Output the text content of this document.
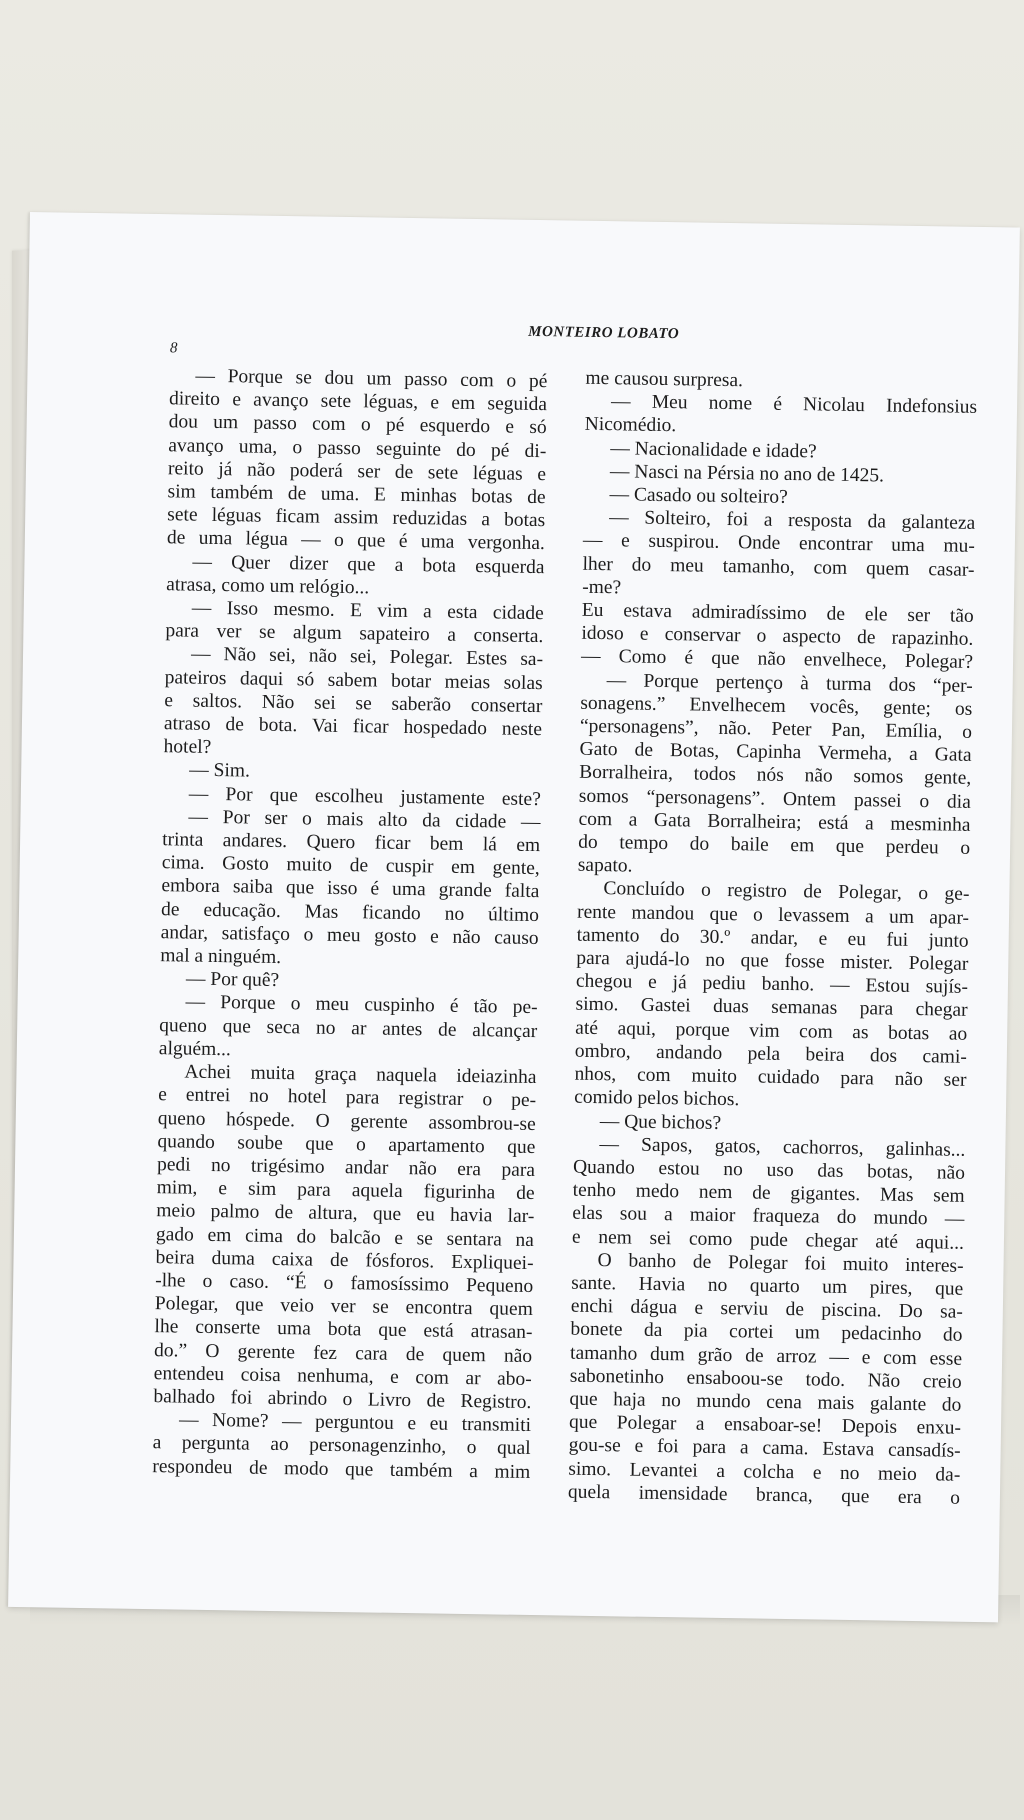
MONTEIRO LOBATO
8
— Porque se dou um passo com o pé
direito e avanço sete léguas, e em seguida
dou um passo com o pé esquerdo e só
avanço uma, o passo seguinte do pé di-
reito já não poderá ser de sete léguas e
sim também de uma. E minhas botas de
sete léguas ficam assim reduzidas a botas
de uma légua — o que é uma vergonha.
— Quer dizer que a bota esquerda
atrasa, como um relógio...
— Isso mesmo. E vim a esta cidade
para ver se algum sapateiro a conserta.
— Não sei, não sei, Polegar. Estes sa-
pateiros daqui só sabem botar meias solas
e saltos. Não sei se saberão consertar
atraso de bota. Vai ficar hospedado neste
hotel?
— Sim.
— Por que escolheu justamente este?
— Por ser o mais alto da cidade —
trinta andares. Quero ficar bem lá em
cima. Gosto muito de cuspir em gente,
embora saiba que isso é uma grande falta
de educação. Mas ficando no último
andar, satisfaço o meu gosto e não causo
mal a ninguém.
— Por quê?
— Porque o meu cuspinho é tão pe-
queno que seca no ar antes de alcançar
alguém...
Achei muita graça naquela ideiazinha
e entrei no hotel para registrar o pe-
queno hóspede. O gerente assombrou-se
quando soube que o apartamento que
pedi no trigésimo andar não era para
mim, e sim para aquela figurinha de
meio palmo de altura, que eu havia lar-
gado em cima do balcão e se sentara na
beira duma caixa de fósforos. Expliquei-
-lhe o caso. “É o famosíssimo Pequeno
Polegar, que veio ver se encontra quem
lhe conserte uma bota que está atrasan-
do.” O gerente fez cara de quem não
entendeu coisa nenhuma, e com ar abo-
balhado foi abrindo o Livro de Registro.
— Nome? — perguntou e eu transmiti
a pergunta ao personagenzinho, o qual
respondeu de modo que também a mim
me causou surpresa.
— Meu nome é Nicolau Indefonsius
Nicomédio.
— Nacionalidade e idade?
— Nasci na Pérsia no ano de 1425.
— Casado ou solteiro?
— Solteiro, foi a resposta da galanteza
— e suspirou. Onde encontrar uma mu-
lher do meu tamanho, com quem casar-
-me?
Eu estava admiradíssimo de ele ser tão
idoso e conservar o aspecto de rapazinho.
— Como é que não envelhece, Polegar?
— Porque pertenço à turma dos “per-
sonagens.” Envelhecem vocês, gente; os
“personagens”, não. Peter Pan, Emília, o
Gato de Botas, Capinha Vermeha, a Gata
Borralheira, todos nós não somos gente,
somos “personagens”. Ontem passei o dia
com a Gata Borralheira; está a mesminha
do tempo do baile em que perdeu o
sapato.
Concluído o registro de Polegar, o ge-
rente mandou que o levassem a um apar-
tamento do 30.º andar, e eu fui junto
para ajudá-lo no que fosse mister. Polegar
chegou e já pediu banho. — Estou sujís-
simo. Gastei duas semanas para chegar
até aqui, porque vim com as botas ao
ombro, andando pela beira dos cami-
nhos, com muito cuidado para não ser
comido pelos bichos.
— Que bichos?
— Sapos, gatos, cachorros, galinhas...
Quando estou no uso das botas, não
tenho medo nem de gigantes. Mas sem
elas sou a maior fraqueza do mundo —
e nem sei como pude chegar até aqui...
O banho de Polegar foi muito interes-
sante. Havia no quarto um pires, que
enchi dágua e serviu de piscina. Do sa-
bonete da pia cortei um pedacinho do
tamanho dum grão de arroz — e com esse
sabonetinho ensaboou-se todo. Não creio
que haja no mundo cena mais galante do
que Polegar a ensaboar-se! Depois enxu-
gou-se e foi para a cama. Estava cansadís-
simo. Levantei a colcha e no meio da-
quela imensidade branca, que era o
